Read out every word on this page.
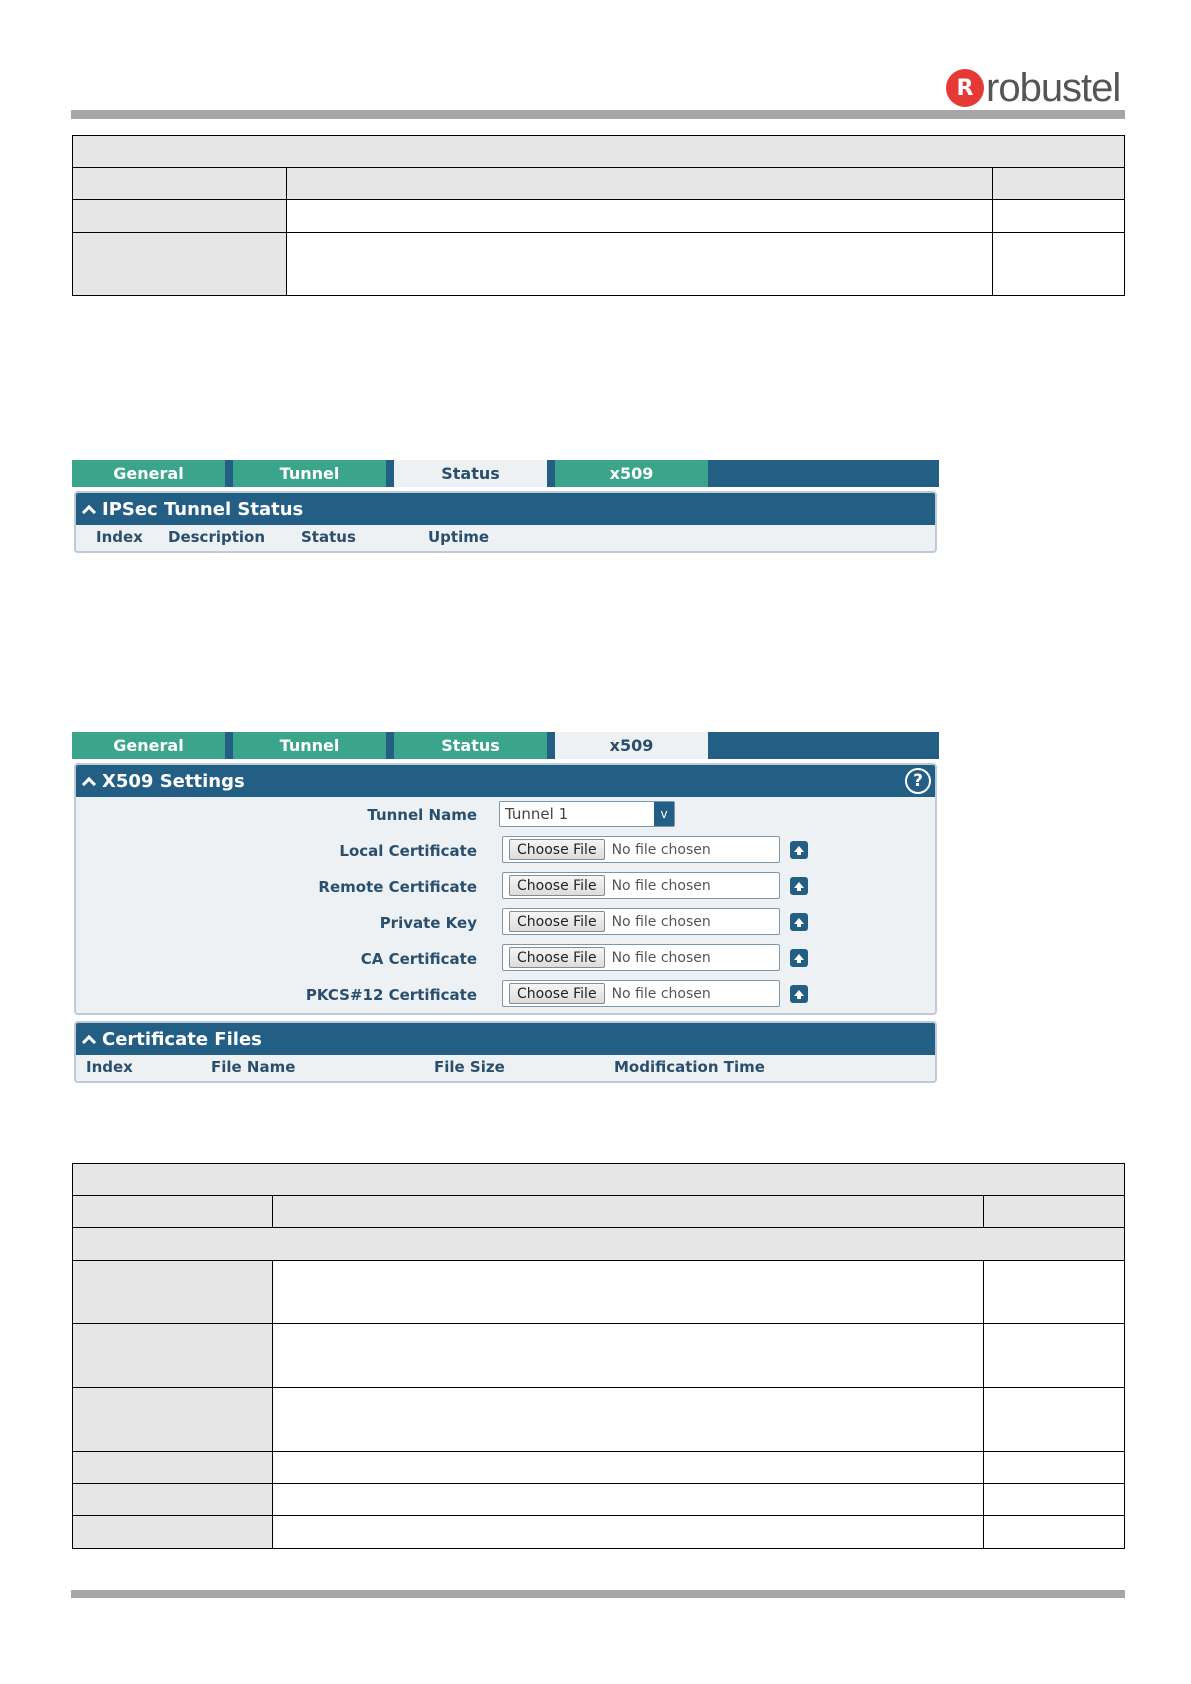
R robustel

General	Tunnel	Status	x509
IPSec Tunnel Status
Index Description Status	Uptime
General	Tunnel	Status	x509
X509 Settings	?
Tunnel Name	Tunnel 1	v
Local Certificate	Choose File	No file chosen
Remote Certificate	Choose File	No file chosen
Private Key	Choose File	No file chosen
CA Certificate	Choose File	No file chosen
PKCS#12 Certificate	Choose File	No file chosen
Certificate Files
Index	File Name	File Size	Modification Time
